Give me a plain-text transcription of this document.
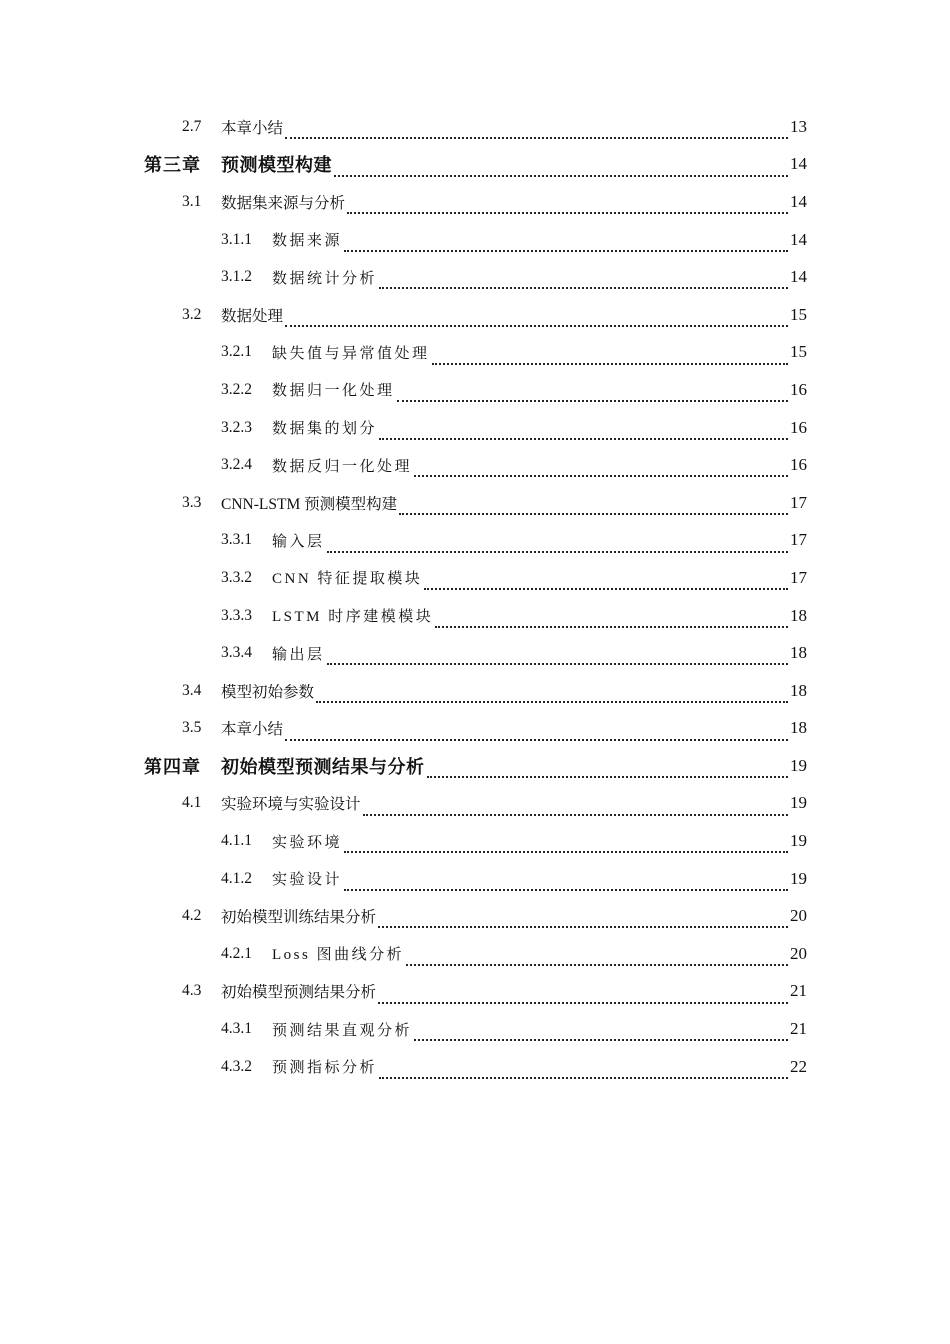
2.7 本章小结	13
第三章 预测模型构建	14
3.1 数据集来源与分析	14
3.1.1 数据来源	14
3.1.2 数据统计分析	14
3.2 数据处理	15
3.2.1 缺失值与异常值处理	15
3.2.2 数据归一化处理	16
3.2.3 数据集的划分	16
3.2.4 数据反归一化处理	16
3.3 CNN-LSTM 预测模型构建	17
3.3.1 输入层	17
3.3.2 CNN 特征提取模块	17
3.3.3 LSTM 时序建模模块	18
3.3.4 输出层	18
3.4 模型初始参数	18
3.5 本章小结	18
第四章 初始模型预测结果与分析	19
4.1 实验环境与实验设计	19
4.1.1 实验环境	19
4.1.2 实验设计	19
4.2 初始模型训练结果分析	20
4.2.1 Loss 图曲线分析	20
4.3 初始模型预测结果分析	21
4.3.1 预测结果直观分析	21
4.3.2 预测指标分析	22
